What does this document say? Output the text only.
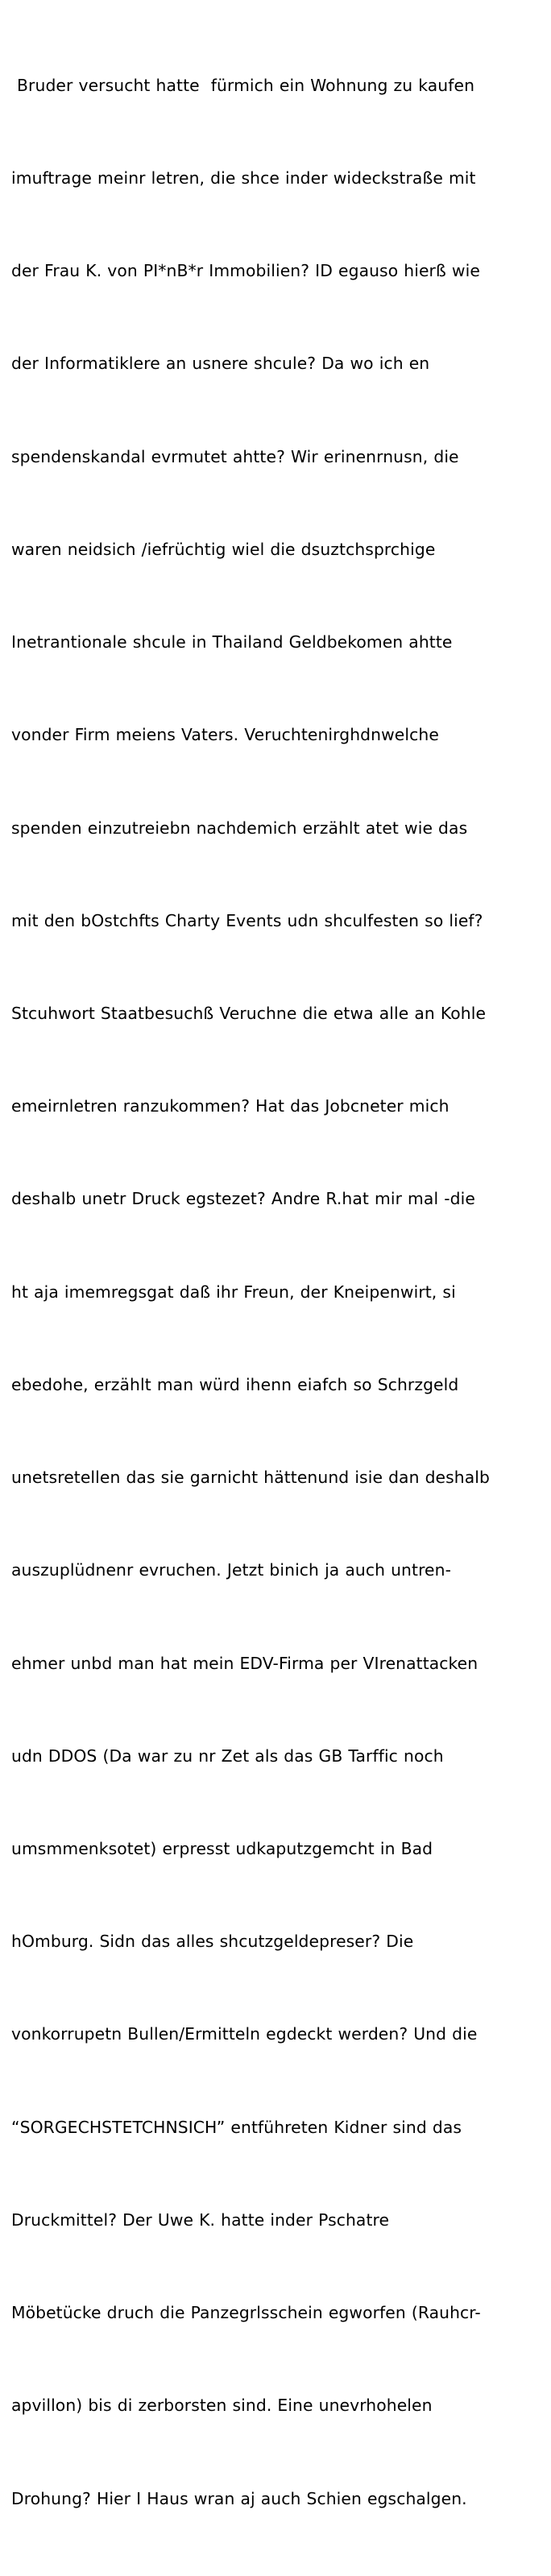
Bruder versucht hatte  fürmich ein Wohnung zu kaufen

imuftrage meinr letren, die shce inder wideckstraße mit

der Frau K. von PI*nB*r Immobilien? ID egauso hierß wie

der Informatiklere an usnere shcule? Da wo ich en

spendenskandal evrmutet ahtte? Wir erinenrnusn, die

waren neidsich /iefrüchtig wiel die dsuztchsprchige

Inetrantionale shcule in Thailand Geldbekomen ahtte

vonder Firm meiens Vaters. Veruchtenirghdnwelche

spenden einzutreiebn nachdemich erzählt atet wie das

mit den bOstchfts Charty Events udn shculfesten so lief?

Stcuhwort Staatbesuchß Veruchne die etwa alle an Kohle

emeirnletren ranzukommen? Hat das Jobcneter mich

deshalb unetr Druck egstezet? Andre R.hat mir mal -die

ht aja imemregsgat daß ihr Freun, der Kneipenwirt, si

ebedohe, erzählt man würd ihenn eiafch so Schrzgeld

unetsretellen das sie garnicht hättenund isie dan deshalb

auszuplüdnenr evruchen. Jetzt binich ja auch untren-

ehmer unbd man hat mein EDV-Firma per VIrenattacken

udn DDOS (Da war zu nr Zet als das GB Tarffic noch

umsmmenksotet) erpresst udkaputzgemcht in Bad

hOmburg. Sidn das alles shcutzgeldepreser? Die

vonkorrupetn Bullen/Ermitteln egdeckt werden? Und die

“SORGECHSTETCHNSICH” entführeten Kidner sind das

Druckmittel? Der Uwe K. hatte inder Pschatre

Möbetücke druch die Panzegrlsschein egworfen (Rauhcr-

apvillon) bis di zerborsten sind. Eine unevrhohelen

Drohung? Hier I Haus wran aj auch Schien egschalgen.
